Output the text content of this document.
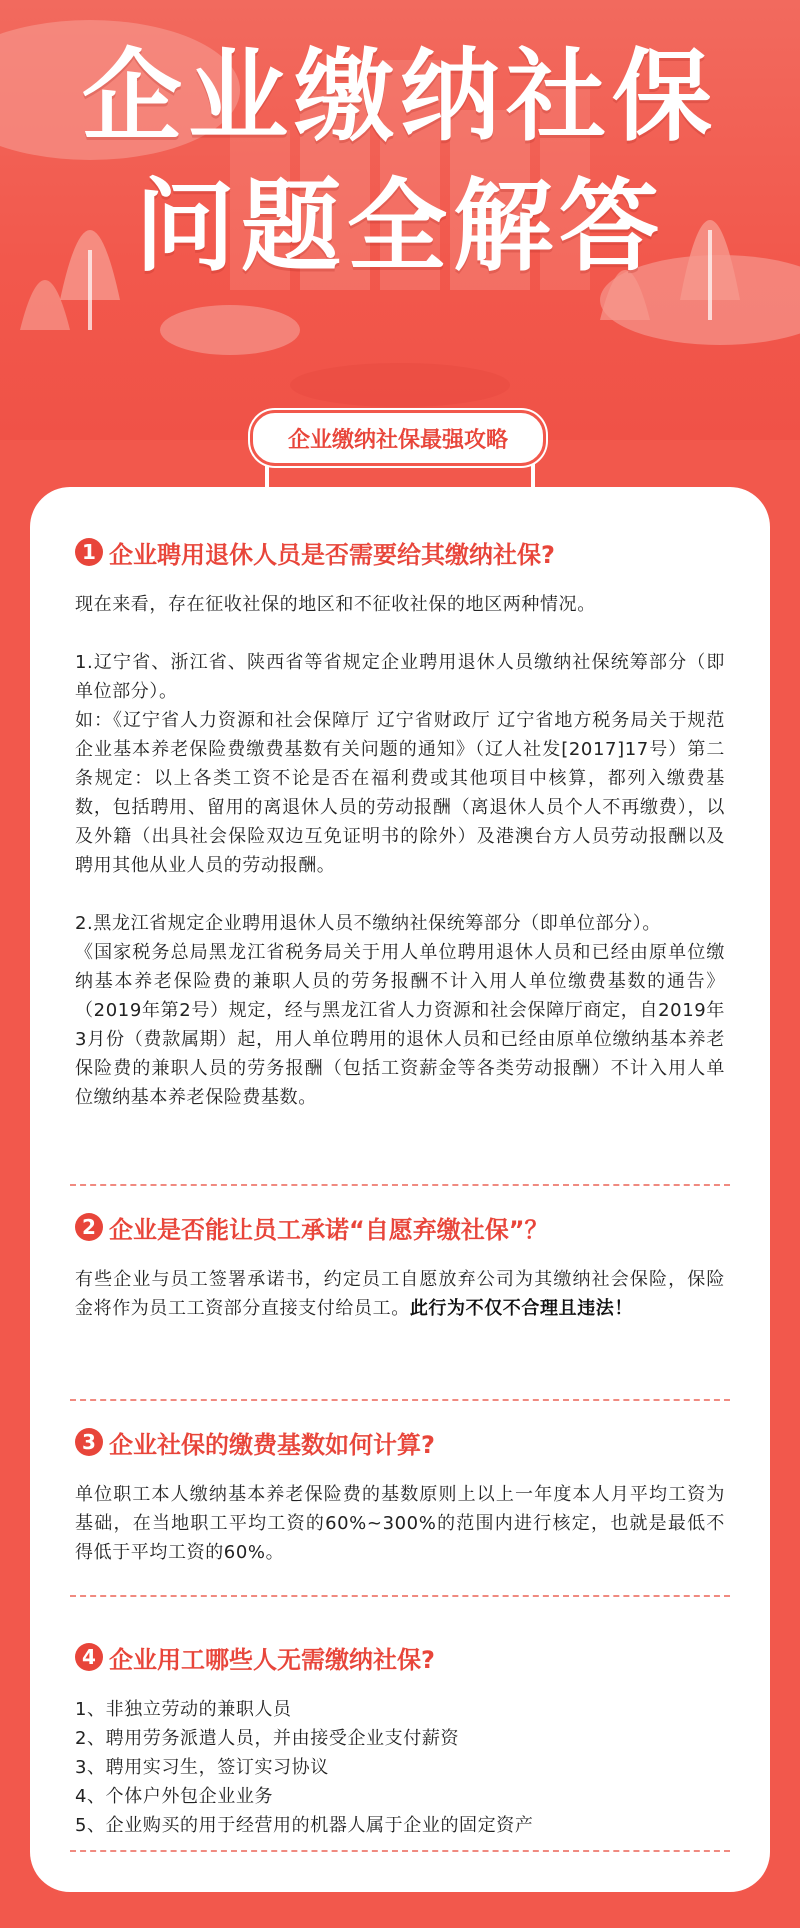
企业缴纳社保
问题全解答
企业缴纳社保最强攻略
1 企业聘用退休人员是否需要给其缴纳社保?

现在来看，存在征收社保的地区和不征收社保的地区两种情况。

1.辽宁省、浙江省、陕西省等省规定企业聘用退休人员缴纳社保统筹部分（即单位部分）。

如：《辽宁省人力资源和社会保障厅 辽宁省财政厅 辽宁省地方税务局关于规范企业基本养老保险费缴费基数有关问题的通知》（辽人社发[2017]17号）第二条规定：以上各类工资不论是否在福利费或其他项目中核算，都列入缴费基数，包括聘用、留用的离退休人员的劳动报酬（离退休人员个人不再缴费），以及外籍（出具社会保险双边互免证明书的除外）及港澳台方人员劳动报酬以及聘用其他从业人员的劳动报酬。

2.黑龙江省规定企业聘用退休人员不缴纳社保统筹部分（即单位部分）。

《国家税务总局黑龙江省税务局关于用人单位聘用退休人员和已经由原单位缴纳基本养老保险费的兼职人员的劳务报酬不计入用人单位缴费基数的通告》（2019年第2号）规定，经与黑龙江省人力资源和社会保障厅商定，自2019年3月份（费款属期）起，用人单位聘用的退休人员和已经由原单位缴纳基本养老保险费的兼职人员的劳务报酬（包括工资薪金等各类劳动报酬）不计入用人单位缴纳基本养老保险费基数。

2 企业是否能让员工承诺“自愿弃缴社保”？
有些企业与员工签署承诺书，约定员工自愿放弃公司为其缴纳社会保险，保险金将作为员工工资部分直接支付给员工。此行为不仅不合理且违法！
3 企业社保的缴费基数如何计算?

单位职工本人缴纳基本养老保险费的基数原则上以上一年度本人月平均工资为基础，在当地职工平均工资的60%~300%的范围内进行核定，也就是最低不得低于平均工资的60%。

4 企业用工哪些人无需缴纳社保?
1、非独立劳动的兼职人员
2、聘用劳务派遣人员，并由接受企业支付薪资
3、聘用实习生，签订实习协议
4、个体户外包企业业务
5、企业购买的用于经营用的机器人属于企业的固定资产
